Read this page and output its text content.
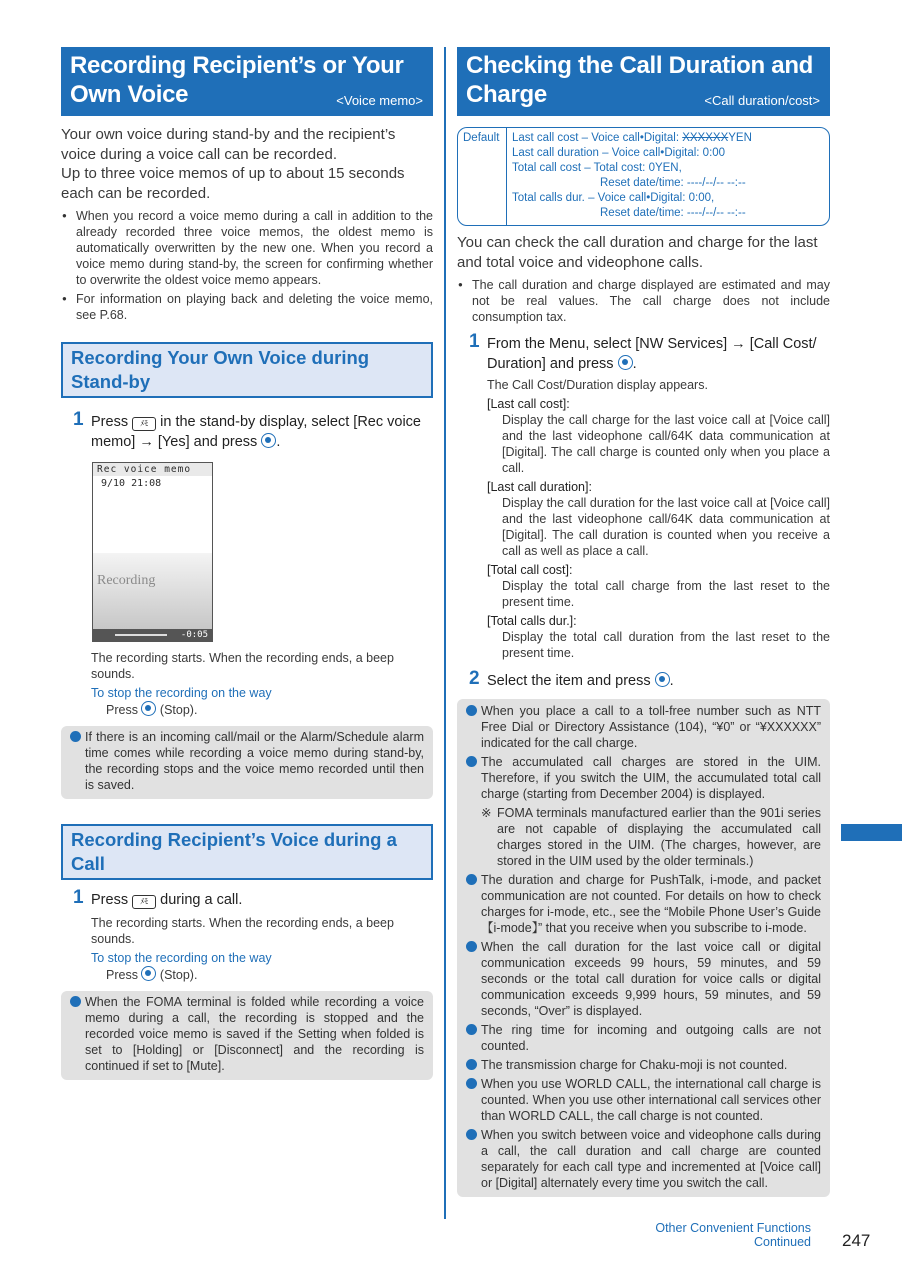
Recording Recipient’s or Your Own Voice	<Voice memo>

Your own voice during stand-by and the recipient’s voice during a voice call can be recorded.

Up to three voice memos of up to about 15 seconds each can be recorded.

● When you record a voice memo during a call in addition to the already recorded three voice memos, the oldest memo is automatically overwritten by the new one. When you record a voice memo during stand-by, the screen for confirming whether to overwrite the oldest voice memo appears.
● For information on playing back and deleting the voice memo, see P.68.
Recording Your Own Voice during Stand-by
1 Press ﾒﾓ in the stand-by display, select [Rec voice memo] → [Yes] and press .
Rec voice memo
9/10 21:08
Recording
-0:05

The recording starts. When the recording ends, a beep sounds.

To stop the recording on the way

Press (Stop).

If there is an incoming call/mail or the Alarm/Schedule alarm time comes while recording a voice memo during stand-by, the recording stops and the voice memo recorded until then is saved.
Recording Recipient’s Voice during a Call
1 Press ﾒﾓ during a call.

The recording starts. When the recording ends, a beep sounds.

To stop the recording on the way

Press (Stop).

When the FOMA terminal is folded while recording a voice memo during a call, the recording is stopped and the recorded voice memo is saved if the Setting when folded is set to [Holding] or [Disconnect] and the recording is continued if set to [Mute].
Checking the Call Duration and Charge	<Call duration/cost>
Default	Last call cost – Voice call•Digital: XXXXXXYEN
Last call duration – Voice call•Digital: 0:00
Total call cost – Total cost: 0YEN,
Reset date/time: ----/--/-- --:--
Total calls dur. – Voice call•Digital: 0:00,
Reset date/time: ----/--/-- --:--

You can check the call duration and charge for the last and total voice and videophone calls.

● The call duration and charge displayed are estimated and may not be real values. The call charge does not include consumption tax.
1 From the Menu, select [NW Services] → [Call Cost/ Duration] and press .

The Call Cost/Duration display appears.

[Last call cost]:
Display the call charge for the last voice call at [Voice call] and the last videophone call/64K data communication at [Digital]. The call charge is counted only when you place a call.
[Last call duration]:
Display the call duration for the last voice call at [Voice call] and the last videophone call/64K data communication at [Digital]. The call duration is counted when you receive a call as well as place a call.
[Total call cost]:
Display the total call charge from the last reset to the present time.
[Total calls dur.]:
Display the total call duration from the last reset to the present time.
2 Select the item and press .
When you place a call to a toll-free number such as NTT Free Dial or Directory Assistance (104), “¥0” or “¥XXXXXX” indicated for the call charge.
The accumulated call charges are stored in the UIM. Therefore, if you switch the UIM, the accumulated total call charge (starting from December 2004) is displayed.
※ FOMA terminals manufactured earlier than the 901i series are not capable of displaying the accumulated call charges stored in the UIM. (The charges, however, are stored in the UIM used by the older terminals.)
The duration and charge for PushTalk, i-mode, and packet communication are not counted. For details on how to check charges for i-mode, etc., see the “Mobile Phone User’s Guide【i-mode】” that you receive when you subscribe to i-mode.
When the call duration for the last voice call or digital communication exceeds 99 hours, 59 minutes, and 59 seconds or the total call duration for voice calls or digital communication exceeds 9,999 hours, 59 minutes, and 59 seconds, “Over” is displayed.
The ring time for incoming and outgoing calls are not counted.
The transmission charge for Chaku-moji is not counted.
When you use WORLD CALL, the international call charge is counted. When you use other international call services other than WORLD CALL, the call charge is not counted.
When you switch between voice and videophone calls during a call, the call duration and call charge are counted separately for each call type and incremented at [Voice call] or [Digital] alternately every time you switch the call.
Other Convenient Functions
Continued 247
